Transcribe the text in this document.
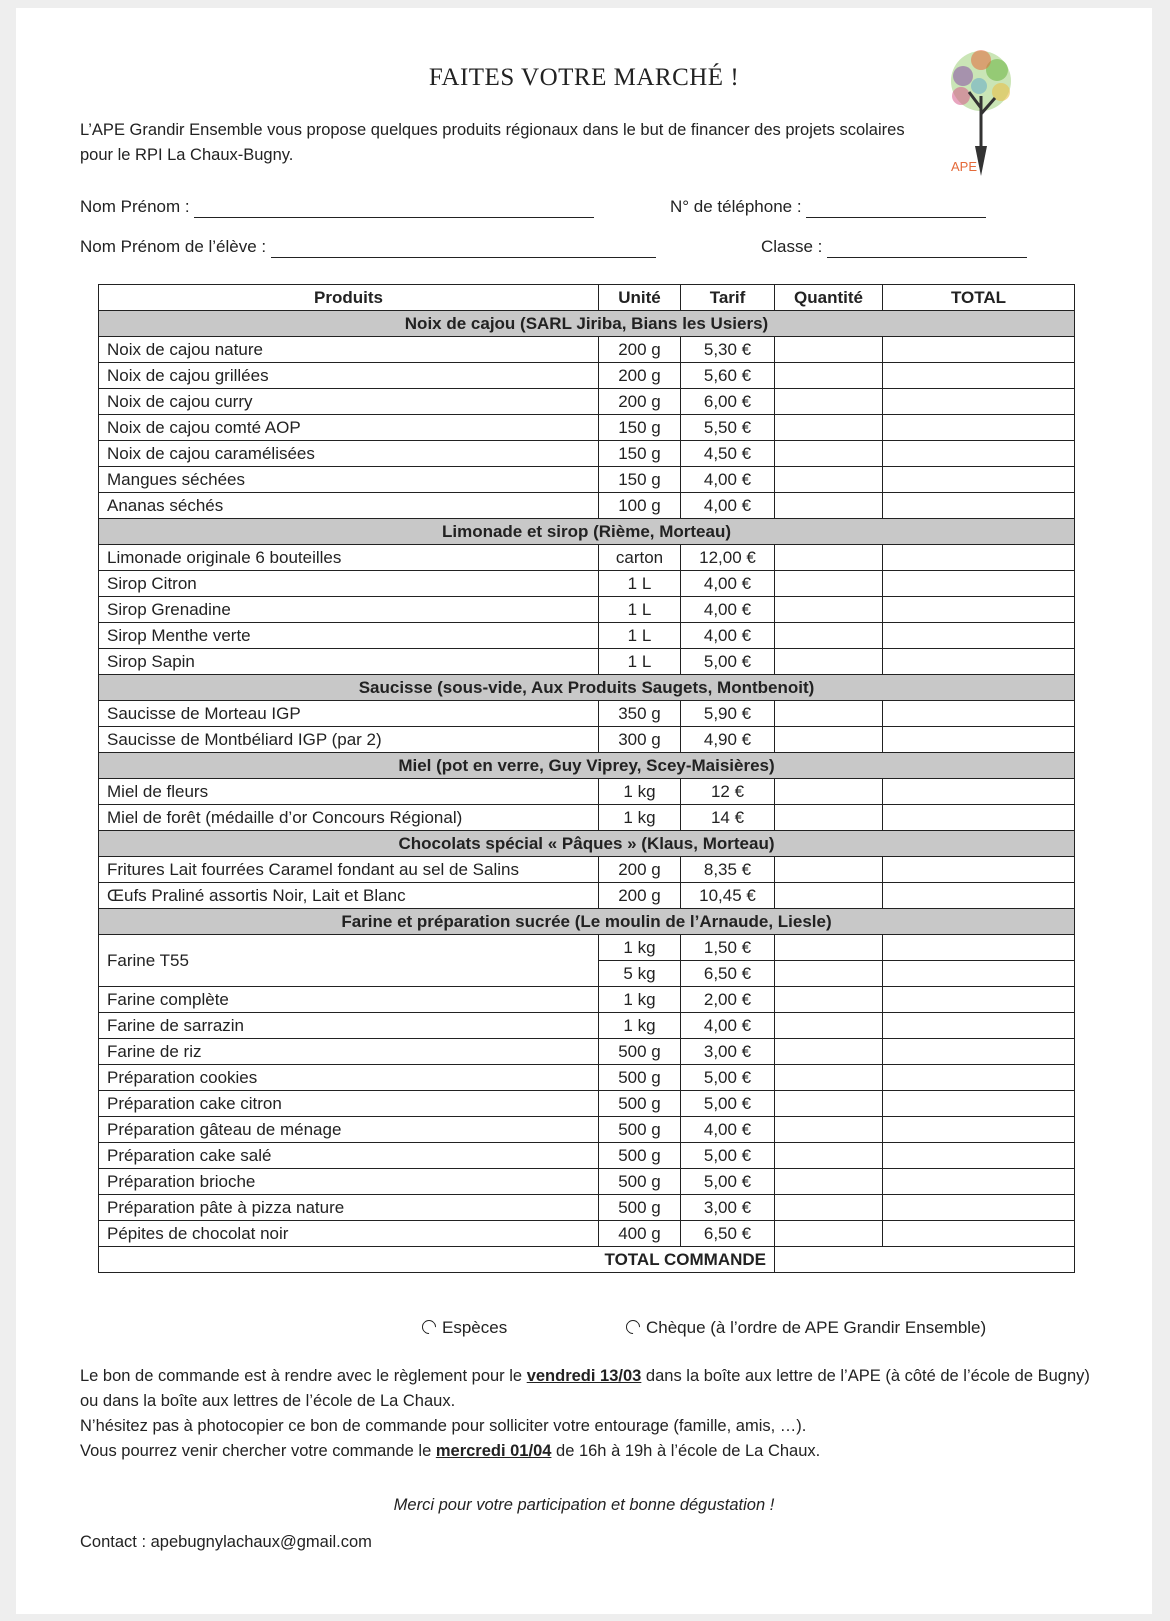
FAITES VOTRE MARCHÉ !
L’APE Grandir Ensemble vous propose quelques produits régionaux dans le but de financer des projets scolaires pour le RPI La Chaux-Bugny.
APE
Nom Prénom :	N° de téléphone :
Nom Prénom de l’élève :	Classe :
Produits	Unité	Tarif	Quantité	TOTAL
Noix de cajou (SARL Jiriba, Bians les Usiers)				
Noix de cajou nature	200 g	5,30 €		
Noix de cajou grillées	200 g	5,60 €		
Noix de cajou curry	200 g	6,00 €		
Noix de cajou comté AOP	150 g	5,50 €		
Noix de cajou caramélisées	150 g	4,50 €		
Mangues séchées	150 g	4,00 €		
Ananas séchés	100 g	4,00 €		
Limonade et sirop (Rième, Morteau)				
Limonade originale 6 bouteilles	carton	12,00 €		
Sirop Citron	1 L	4,00 €		
Sirop Grenadine	1 L	4,00 €		
Sirop Menthe verte	1 L	4,00 €		
Sirop Sapin	1 L	5,00 €		
Saucisse (sous-vide, Aux Produits Saugets, Montbenoit)				
Saucisse de Morteau IGP	350 g	5,90 €		
Saucisse de Montbéliard IGP (par 2)	300 g	4,90 €		
Miel (pot en verre, Guy Viprey, Scey-Maisières)				
Miel de fleurs	1 kg	12 €		
Miel de forêt (médaille d’or Concours Régional)	1 kg	14 €		
Chocolats spécial « Pâques » (Klaus, Morteau)				
Fritures Lait fourrées Caramel fondant au sel de Salins	200 g	8,35 €		
Œufs Praliné assortis Noir, Lait et Blanc	200 g	10,45 €		
Farine et préparation sucrée (Le moulin de l’Arnaude, Liesle)				
Farine T55	1 kg	1,50 €		
	5 kg	6,50 €		
Farine complète	1 kg	2,00 €		
Farine de sarrazin	1 kg	4,00 €		
Farine de riz	500 g	3,00 €		
Préparation cookies	500 g	5,00 €		
Préparation cake citron	500 g	5,00 €		
Préparation gâteau de ménage	500 g	4,00 €		
Préparation cake salé	500 g	5,00 €		
Préparation brioche	500 g	5,00 €		
Préparation pâte à pizza nature	500 g	3,00 €		
Pépites de chocolat noir	400 g	6,50 €		
TOTAL COMMANDE				
Espèces	Chèque (à l’ordre de APE Grandir Ensemble)
Le bon de commande est à rendre avec le règlement pour le vendredi 13/03 dans la boîte aux lettre de l’APE (à côté de l’école de Bugny) ou dans la boîte aux lettres de l’école de La Chaux.
N’hésitez pas à photocopier ce bon de commande pour solliciter votre entourage (famille, amis, …).
Vous pourrez venir chercher votre commande le mercredi 01/04 de 16h à 19h à l’école de La Chaux.
Merci pour votre participation et bonne dégustation !
Contact : apebugnylachaux@gmail.com
